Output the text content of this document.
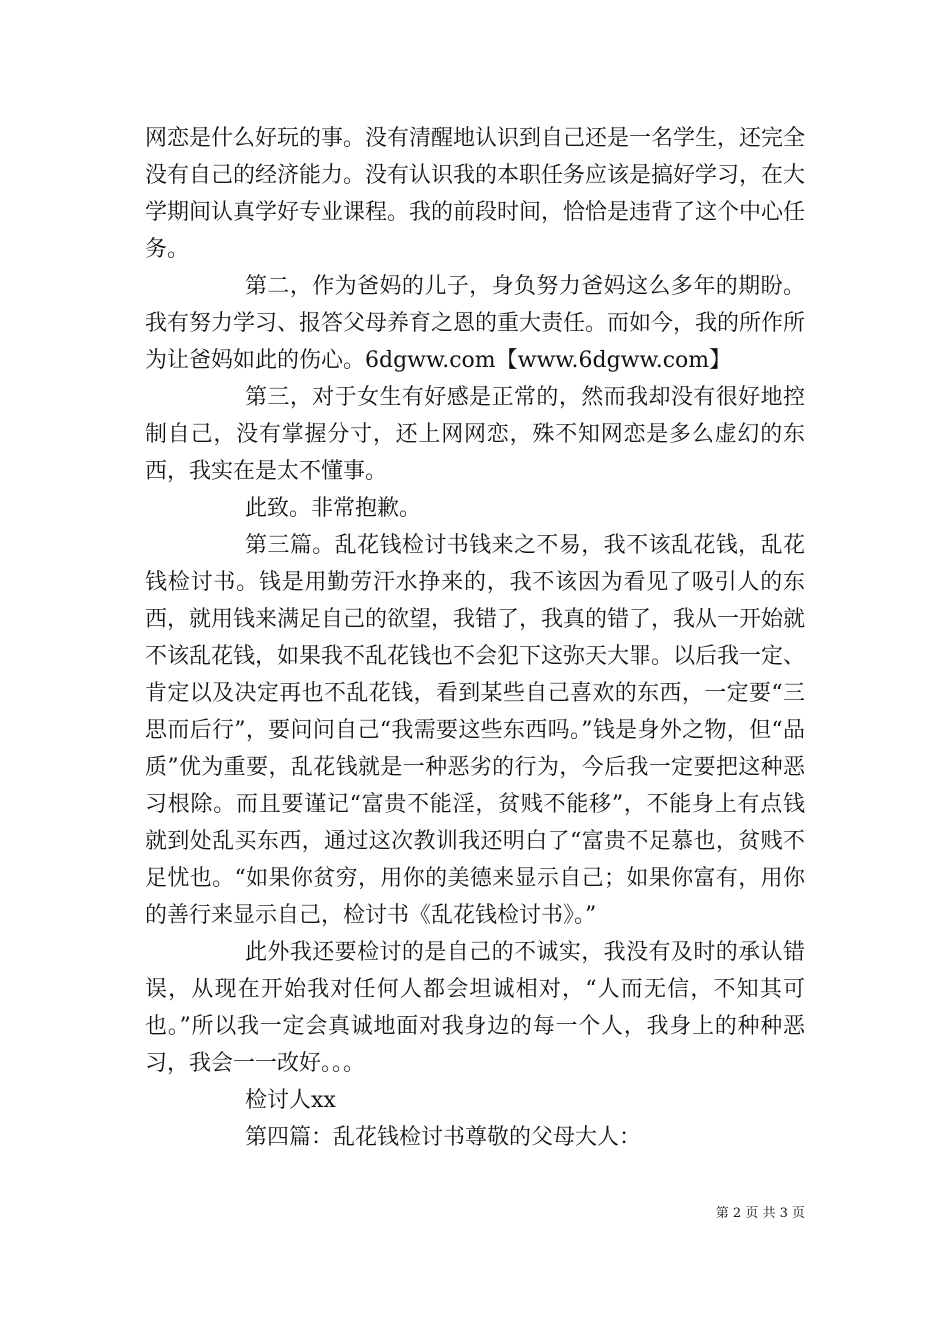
网恋是什么好玩的事。没有清醒地认识到自己还是一名学生，还完全没有自己的经济能力。没有认识我的本职任务应该是搞好学习，在大学期间认真学好专业课程。我的前段时间，恰恰是违背了这个中心任务。

第二，作为爸妈的儿子，身负努力爸妈这么多年的期盼。我有努力学习、报答父母养育之恩的重大责任。而如今，我的所作所为让爸妈如此的伤心。6dgww.com【www.6dgww.com】

第三，对于女生有好感是正常的，然而我却没有很好地控制自己，没有掌握分寸，还上网网恋，殊不知网恋是多么虚幻的东西，我实在是太不懂事。

此致。非常抱歉。

第三篇。乱花钱检讨书钱来之不易，我不该乱花钱，乱花钱检讨书。钱是用勤劳汗水挣来的，我不该因为看见了吸引人的东西，就用钱来满足自己的欲望，我错了，我真的错了，我从一开始就不该乱花钱，如果我不乱花钱也不会犯下这弥天大罪。以后我一定、肯定以及决定再也不乱花钱，看到某些自己喜欢的东西，一定要“三思而后行”，要问问自己“我需要这些东西吗。”钱是身外之物，但“品质”优为重要，乱花钱就是一种恶劣的行为，今后我一定要把这种恶习根除。而且要谨记“富贵不能淫，贫贱不能移”，不能身上有点钱就到处乱买东西，通过这次教训我还明白了“富贵不足慕也，贫贱不足忧也。“如果你贫穷，用你的美德来显示自己；如果你富有，用你的善行来显示自己，检讨书《乱花钱检讨书》。”

此外我还要检讨的是自己的不诚实，我没有及时的承认错误，从现在开始我对任何人都会坦诚相对，“人而无信，不知其可也。”所以我一定会真诚地面对我身边的每一个人，我身上的种种恶习，我会一一改好。。。

检讨人xx

第四篇：乱花钱检讨书尊敬的父母大人：

第 2 页 共 3 页
